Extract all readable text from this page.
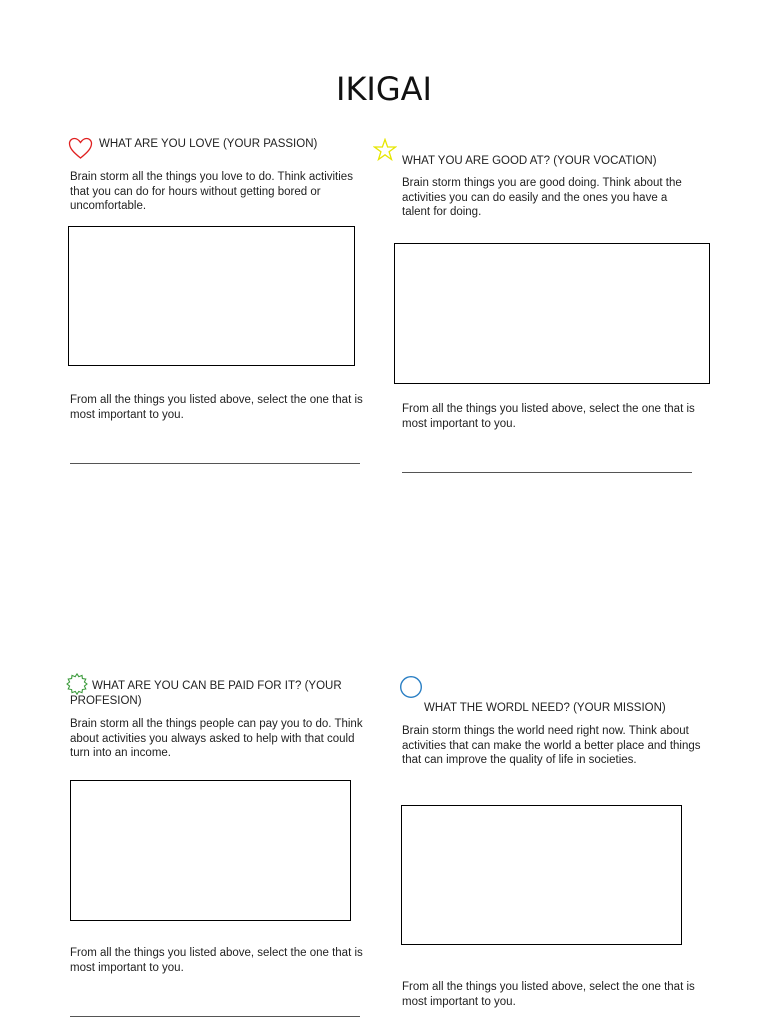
IKIGAI
WHAT ARE YOU LOVE (YOUR PASSION)
Brain storm all the things you love to do. Think activities that you can do for hours without getting bored or uncomfortable.
From all the things you listed above, select the one that is most important to you.
WHAT YOU ARE GOOD AT? (YOUR VOCATION)
Brain storm things you are good doing. Think about the activities you can do easily and the ones you have a talent for doing.
From all the things you listed above, select the one that is most important to you.
WHAT ARE YOU CAN BE PAID FOR IT? (YOUR PROFESION)
Brain storm all the things people can pay you to do. Think about activities you always asked to help with that could turn into an income.
From all the things you listed above, select the one that is most important to you.
WHAT THE WORDL NEED? (YOUR MISSION)
Brain storm things the world need right now. Think about activities that can make the world a better place and things that can improve the quality of life in societies.
From all the things you listed above, select the one that is most important to you.
